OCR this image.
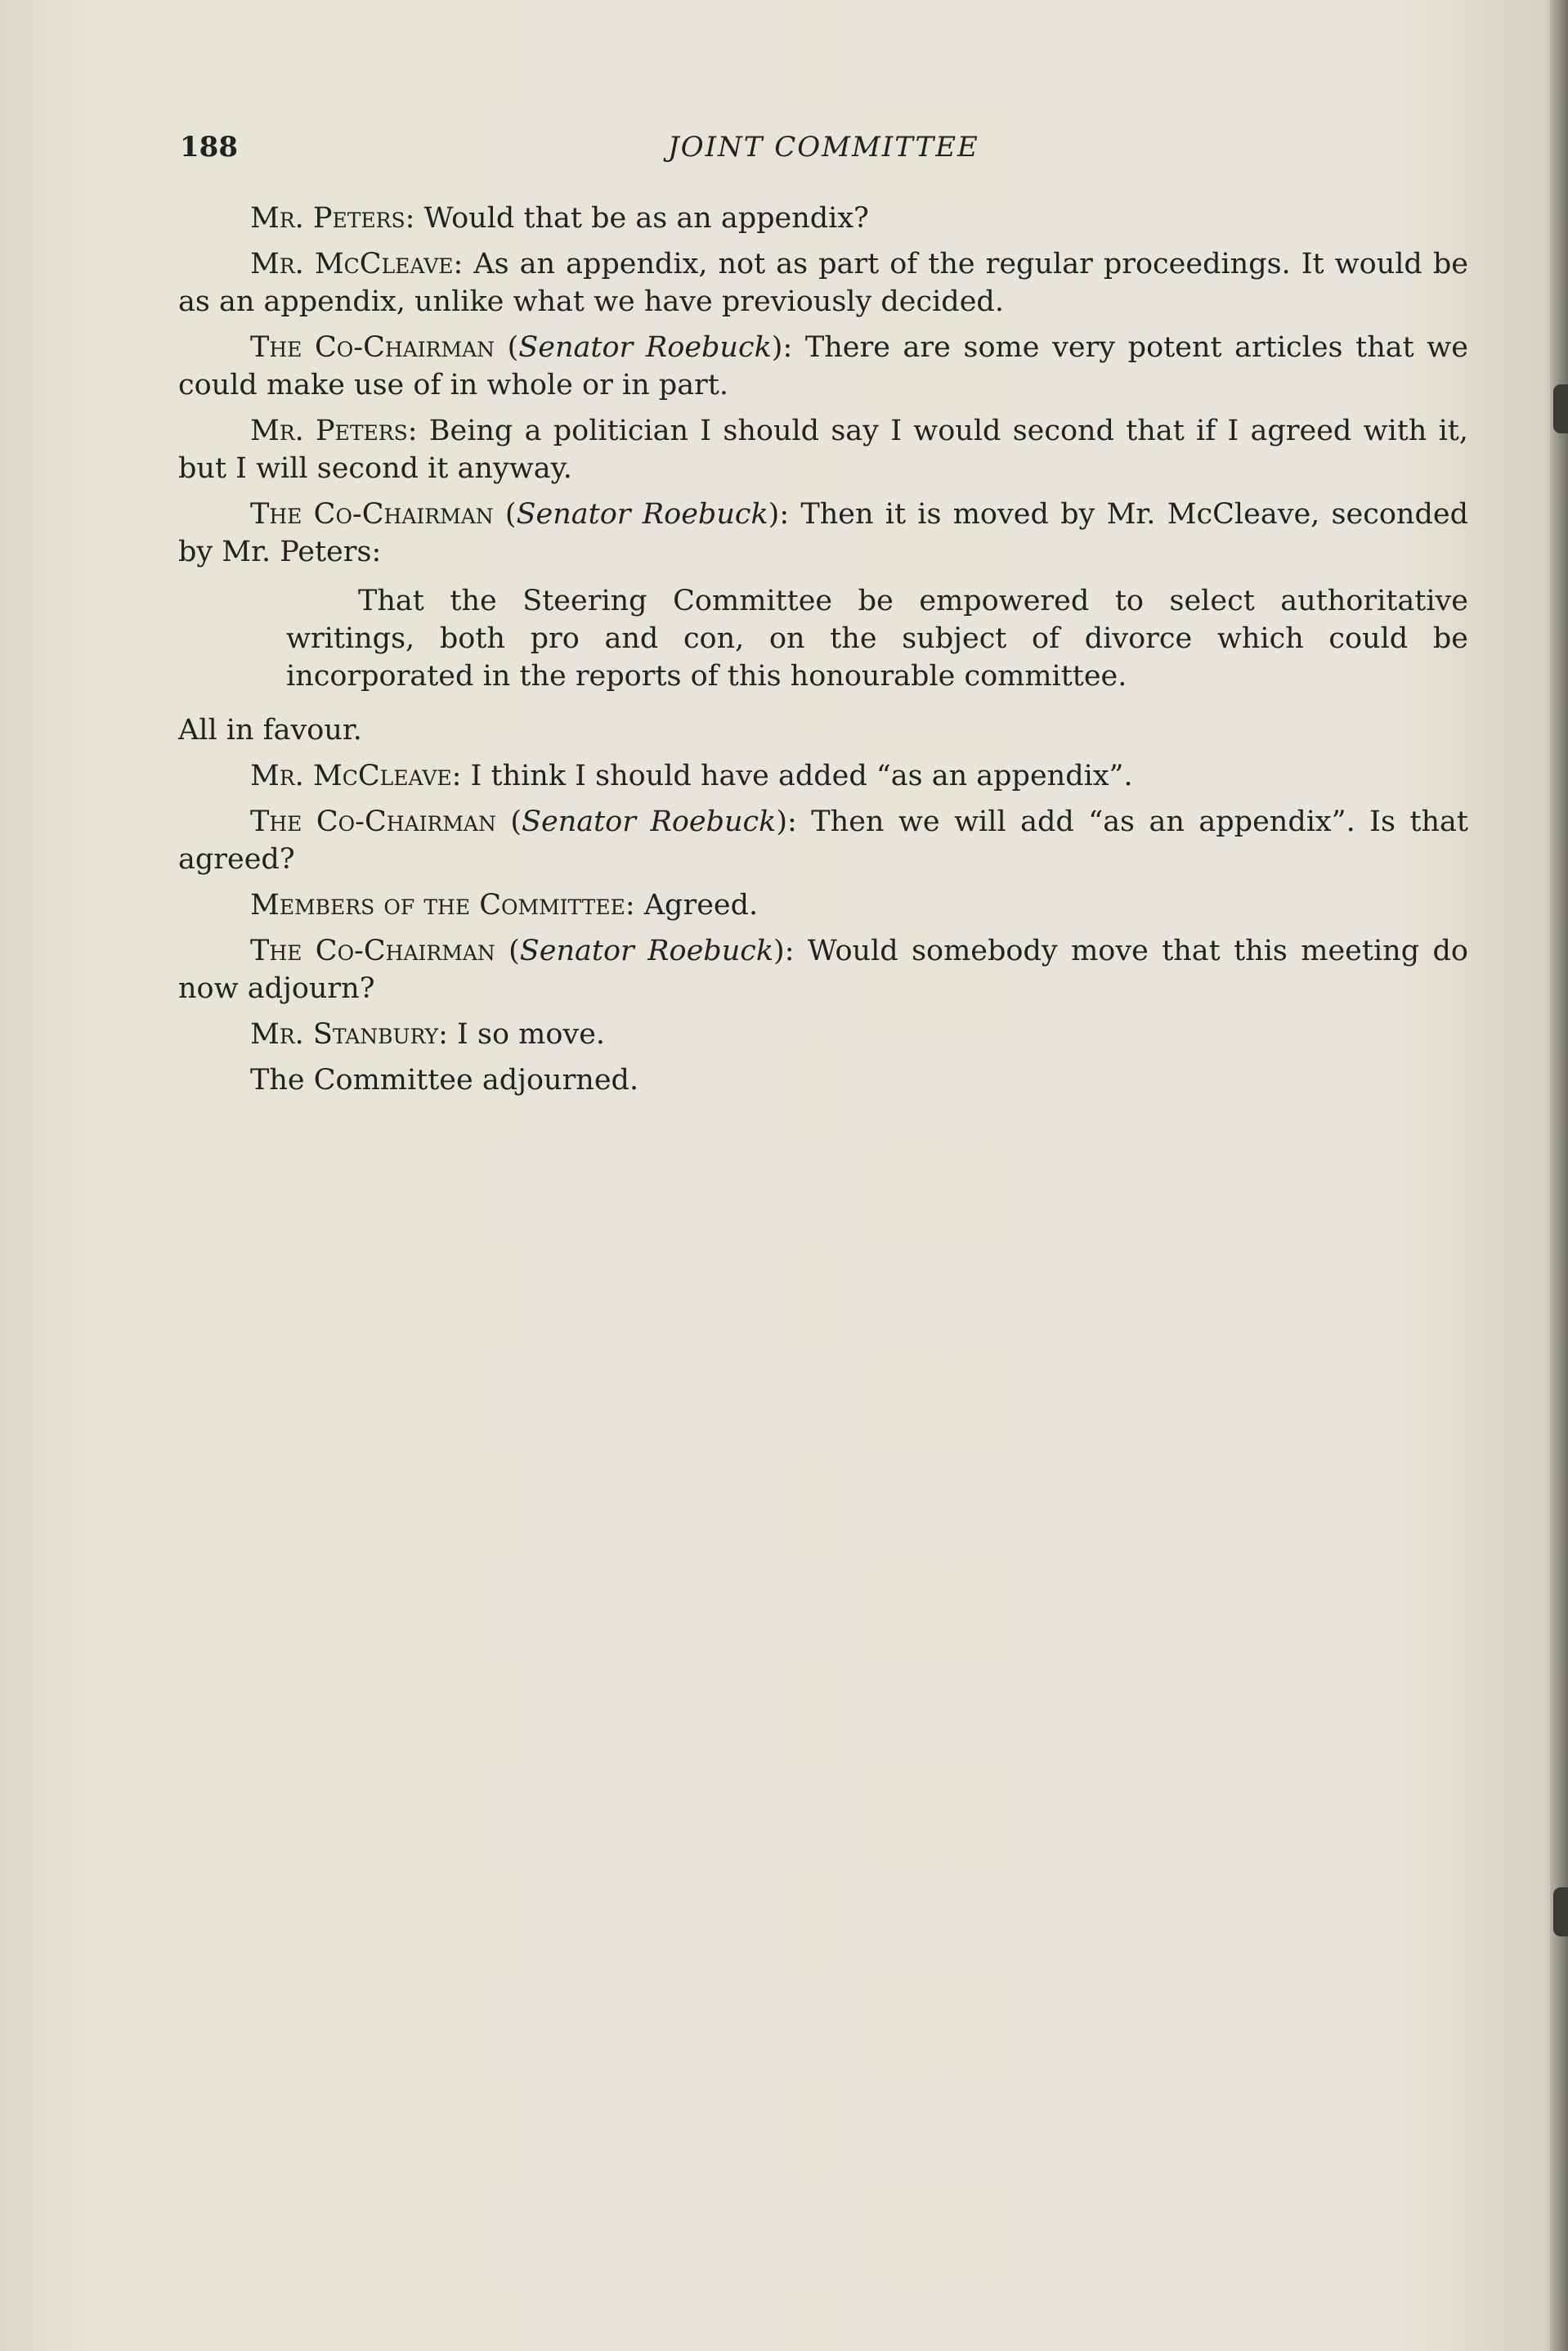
188	JOINT COMMITTEE

Mr. Peters: Would that be as an appendix?

Mr. McCleave: As an appendix, not as part of the regular proceedings. It would be as an appendix, unlike what we have previously decided.

The Co-Chairman (Senator Roebuck): There are some very potent articles that we could make use of in whole or in part.

Mr. Peters: Being a politician I should say I would second that if I agreed with it, but I will second it anyway.

The Co-Chairman (Senator Roebuck): Then it is moved by Mr. McCleave, seconded by Mr. Peters:

That the Steering Committee be empowered to select authoritative writings, both pro and con, on the subject of divorce which could be incorporated in the reports of this honourable committee.

All in favour.

Mr. McCleave: I think I should have added “as an appendix”.

The Co-Chairman (Senator Roebuck): Then we will add “as an appendix”. Is that agreed?

Members of the Committee: Agreed.

The Co-Chairman (Senator Roebuck): Would somebody move that this meeting do now adjourn?

Mr. Stanbury: I so move.

The Committee adjourned.
